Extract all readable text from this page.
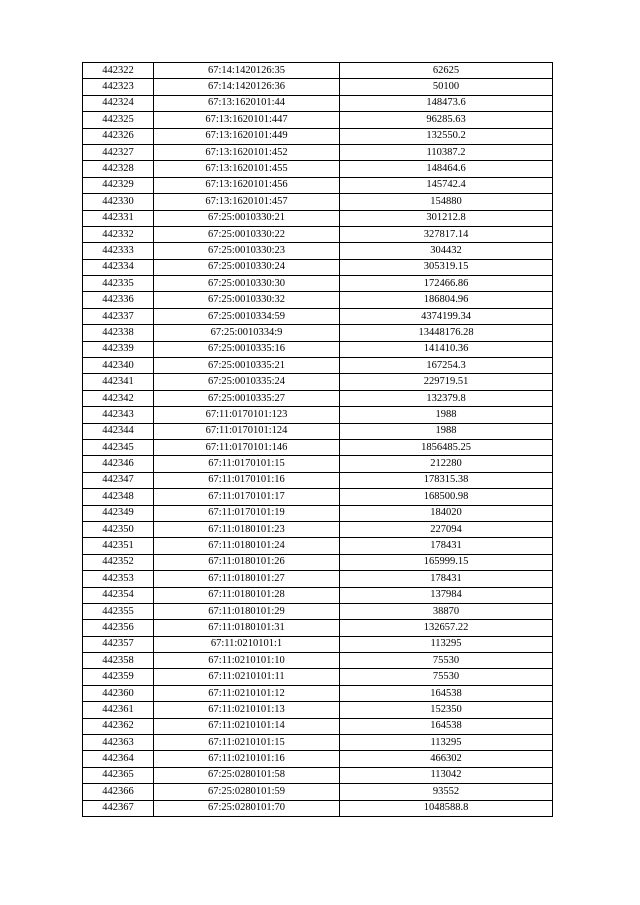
442322	67:14:1420126:35	62625
442323	67:14:1420126:36	50100
442324	67:13:1620101:44	148473.6
442325	67:13:1620101:447	96285.63
442326	67:13:1620101:449	132550.2
442327	67:13:1620101:452	110387.2
442328	67:13:1620101:455	148464.6
442329	67:13:1620101:456	145742.4
442330	67:13:1620101:457	154880
442331	67:25:0010330:21	301212.8
442332	67:25:0010330:22	327817.14
442333	67:25:0010330:23	304432
442334	67:25:0010330:24	305319.15
442335	67:25:0010330:30	172466.86
442336	67:25:0010330:32	186804.96
442337	67:25:0010334:59	4374199.34
442338	67:25:0010334:9	13448176.28
442339	67:25:0010335:16	141410.36
442340	67:25:0010335:21	167254.3
442341	67:25:0010335:24	229719.51
442342	67:25:0010335:27	132379.8
442343	67:11:0170101:123	1988
442344	67:11:0170101:124	1988
442345	67:11:0170101:146	1856485.25
442346	67:11:0170101:15	212280
442347	67:11:0170101:16	178315.38
442348	67:11:0170101:17	168500.98
442349	67:11:0170101:19	184020
442350	67:11:0180101:23	227094
442351	67:11:0180101:24	178431
442352	67:11:0180101:26	165999.15
442353	67:11:0180101:27	178431
442354	67:11:0180101:28	137984
442355	67:11:0180101:29	38870
442356	67:11:0180101:31	132657.22
442357	67:11:0210101:1	113295
442358	67:11:0210101:10	75530
442359	67:11:0210101:11	75530
442360	67:11:0210101:12	164538
442361	67:11:0210101:13	152350
442362	67:11:0210101:14	164538
442363	67:11:0210101:15	113295
442364	67:11:0210101:16	466302
442365	67:25:0280101:58	113042
442366	67:25:0280101:59	93552
442367	67:25:0280101:70	1048588.8
